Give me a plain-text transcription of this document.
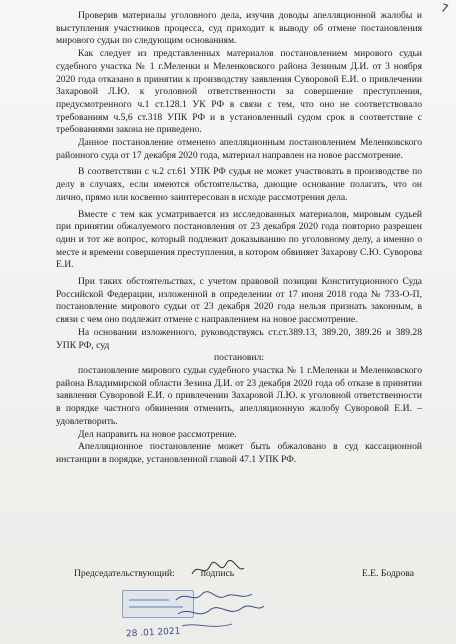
7

Проверив материалы уголовного дела, изучив доводы апелляционной жалобы и выступления участников процесса, суд приходит к выводу об отмене постановления мирового судьи по следующим основаниям.

Как следует из представленных материалов постановлением мирового судьи судебного участка № 1 г.Меленки и Меленковского района Зезиным Д.И. от 3 ноября 2020 года отказано в принятии к производству заявления Суворовой Е.И. о привлечении Захаровой Л.Ю. к уголовной ответственности за совершение преступления, предусмотренного ч.1 ст.128.1 УК РФ в связи с тем, что оно не соответствовало требованиям ч.5,6 ст.318 УПК РФ и в установленный судом срок в соответствие с требованиями закона не приведено.

Данное постановление отменено апелляционным постановлением Меленковского районного суда от 17 декабря 2020 года, материал направлен на новое рассмотрение.

В соответствии с ч.2 ст.61 УПК РФ судья не может участвовать в производстве по делу в случаях, если имеются обстоятельства, дающие основание полагать, что он лично, прямо или косвенно заинтересован в исходе рассмотрения дела.

Вместе с тем как усматривается из исследованных материалов, мировым судьей при принятии обжалуемого постановления от 23 декабря 2020 года повторно разрешен один и тот же вопрос, который подлежит доказыванию по уголовному делу, а именно о месте и времени совершения преступления, в котором обвиняет Захарову С.Ю. Суворова Е.И.

При таких обстоятельствах, с учетом правовой позиции Конституционного Суда Российской Федерации, изложенной в определении от 17 июня 2018 года № 733-О-П, постановление мирового судьи от 23 декабря 2020 года нельзя признать законным, в связи с чем оно подлежит отмене с направлением на новое рассмотрение.

На основании изложенного, руководствуясь ст.ст.389.13, 389.20, 389.26 и 389.28 УПК РФ, суд

постановил:

постановление мирового судьи судебного участка № 1 г.Меленки и Меленковского района Владимирской области Зезина Д.И. от 23 декабря 2020 года об отказе в принятии заявления Суворовой Е.И. о привлечении Захаровой Л.Ю. к уголовной ответственности в порядке частного обвинения отменить, апелляционную жалобу Суворовой Е.И. –удовлетворить.

Дел направить на новое рассмотрение.

Апелляционное постановление может быть обжаловано в суд кассационной инстанции в порядке, установленной главой 47.1 УПК РФ.

Председательствующий:	подпись	Е.Е. Бодрова
28 .01 2021
